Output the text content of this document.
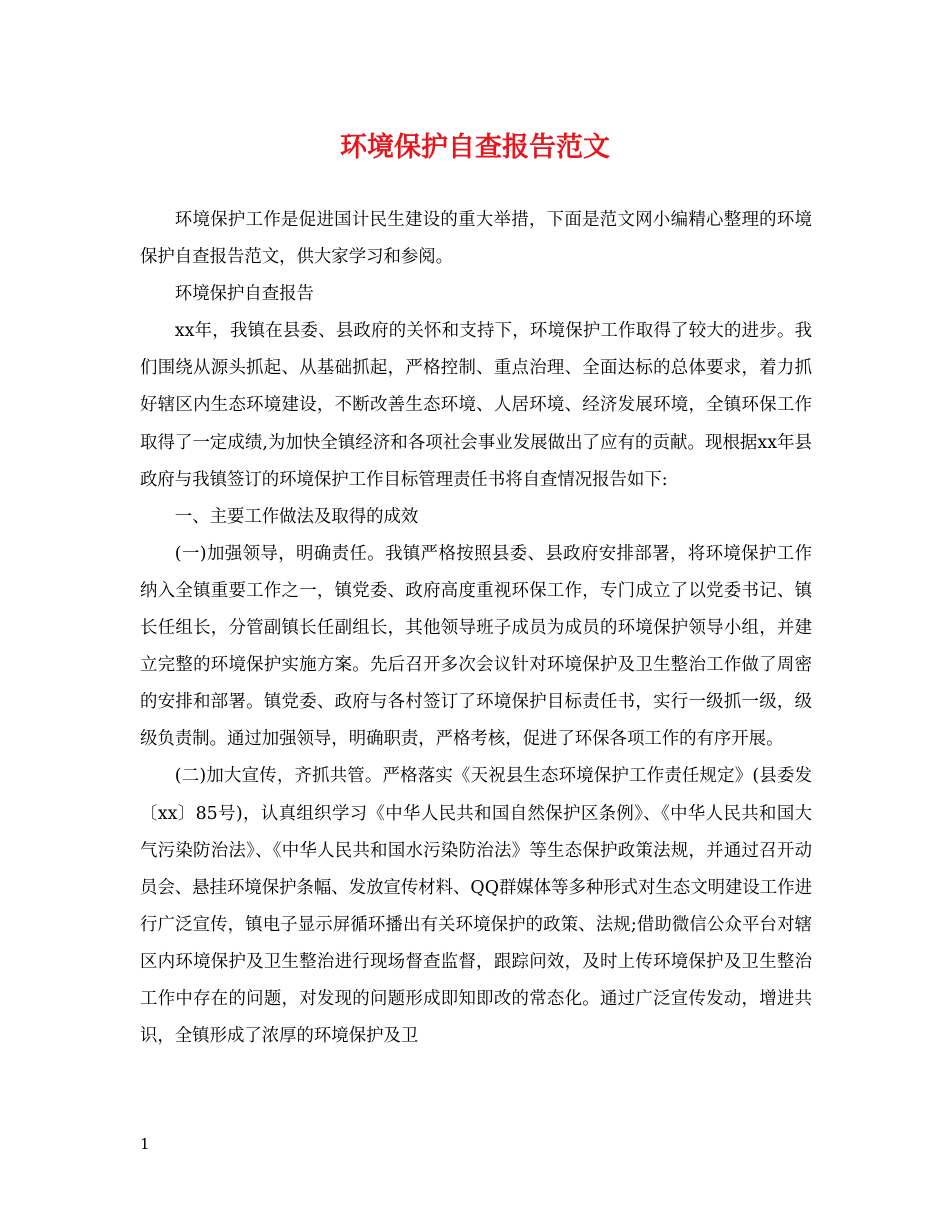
环境保护自查报告范文

环境保护工作是促进国计民生建设的重大举措，下面是范文网小编精心整理的环境保护自查报告范文，供大家学习和参阅。

环境保护自查报告

xx年，我镇在县委、县政府的关怀和支持下，环境保护工作取得了较大的进步。我们围绕从源头抓起、从基础抓起，严格控制、重点治理、全面达标的总体要求，着力抓好辖区内生态环境建设，不断改善生态环境、人居环境、经济发展环境，全镇环保工作取得了一定成绩,为加快全镇经济和各项社会事业发展做出了应有的贡献。现根据xx年县政府与我镇签订的环境保护工作目标管理责任书将自查情况报告如下:

一、主要工作做法及取得的成效

(一)加强领导，明确责任。我镇严格按照县委、县政府安排部署，将环境保护工作纳入全镇重要工作之一，镇党委、政府高度重视环保工作，专门成立了以党委书记、镇长任组长，分管副镇长任副组长，其他领导班子成员为成员的环境保护领导小组，并建立完整的环境保护实施方案。先后召开多次会议针对环境保护及卫生整治工作做了周密的安排和部署。镇党委、政府与各村签订了环境保护目标责任书，实行一级抓一级，级级负责制。通过加强领导，明确职责，严格考核，促进了环保各项工作的有序开展。

(二)加大宣传，齐抓共管。严格落实《天祝县生态环境保护工作责任规定》(县委发〔xx〕85号)，认真组织学习《中华人民共和国自然保护区条例》、《中华人民共和国大气污染防治法》、《中华人民共和国水污染防治法》等生态保护政策法规，并通过召开动员会、悬挂环境保护条幅、发放宣传材料、QQ群媒体等多种形式对生态文明建设工作进行广泛宣传，镇电子显示屏循环播出有关环境保护的政策、法规;借助微信公众平台对辖区内环境保护及卫生整治进行现场督查监督，跟踪问效，及时上传环境保护及卫生整治工作中存在的问题，对发现的问题形成即知即改的常态化。通过广泛宣传发动，增进共识，全镇形成了浓厚的环境保护及卫

1
